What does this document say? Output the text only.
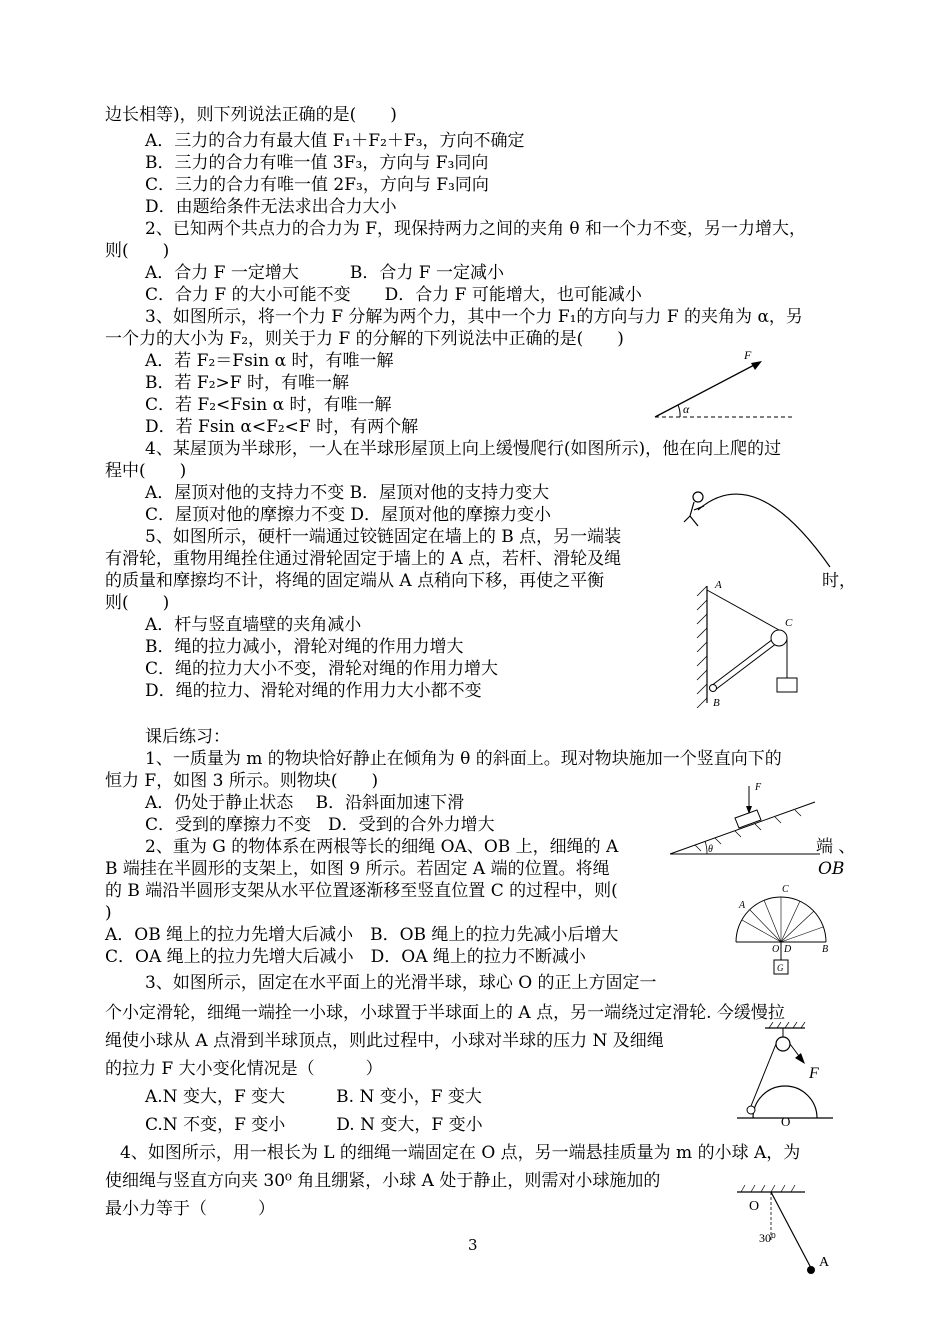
边长相等)，则下列说法正确的是(　　)
A．三力的合力有最大值 F₁＋F₂＋F₃，方向不确定
B．三力的合力有唯一值 3F₃，方向与 F₃同向
C．三力的合力有唯一值 2F₃，方向与 F₃同向
D．由题给条件无法求出合力大小
2、已知两个共点力的合力为 F，现保持两力之间的夹角 θ 和一个力不变，另一力增大，
则(　　)
A．合力 F 一定增大　　　B．合力 F 一定减小
C．合力 F 的大小可能不变　　D．合力 F 可能增大，也可能减小
3、如图所示，将一个力 F 分解为两个力，其中一个力 F₁的方向与力 F 的夹角为 α，另
一个力的大小为 F₂，则关于力 F 的分解的下列说法中正确的是(　　)
A．若 F₂＝Fsin α 时，有唯一解
B．若 F₂>F 时，有唯一解
C．若 F₂<Fsin α 时，有唯一解
D．若 Fsin α<F₂<F 时，有两个解
4、某屋顶为半球形，一人在半球形屋顶上向上缓慢爬行(如图所示)，他在向上爬的过
程中(　　)
A．屋顶对他的支持力不变 B．屋顶对他的支持力变大
C．屋顶对他的摩擦力不变 D．屋顶对他的摩擦力变小
5、如图所示，硬杆一端通过铰链固定在墙上的 B 点，另一端装
有滑轮，重物用绳拴住通过滑轮固定于墙上的 A 点，若杆、滑轮及绳
的质量和摩擦均不计，将绳的固定端从 A 点稍向下移，再使之平衡	时，
则(　　)
A．杆与竖直墙壁的夹角减小
B．绳的拉力减小，滑轮对绳的作用力增大
C．绳的拉力大小不变，滑轮对绳的作用力增大
D．绳的拉力、滑轮对绳的作用力大小都不变
课后练习：
1、一质量为 m 的物块恰好静止在倾角为 θ 的斜面上。现对物块施加一个竖直向下的
恒力 F，如图 3 所示。则物块(　　)
A．仍处于静止状态　 B．沿斜面加速下滑
C．受到的摩擦力不变　D．受到的合外力增大
2、重为 G 的物体系在两根等长的细绳 OA、OB 上，细绳的 A	端 、
B 端挂在半圆形的支架上，如图 9 所示。若固定 A 端的位置。将绳	OB
的 B 端沿半圆形支架从水平位置逐渐移至竖直位置 C 的过程中，则(
)
A．OB 绳上的拉力先增大后减小　B．OB 绳上的拉力先减小后增大
C．OA 绳上的拉力先增大后减小　D．OA 绳上的拉力不断减小
3、如图所示，固定在水平面上的光滑半球，球心 O 的正上方固定一
个小定滑轮，细绳一端拴一小球，小球置于半球面上的 A 点，另一端绕过定滑轮. 今缓慢拉
绳使小球从 A 点滑到半球顶点，则此过程中，小球对半球的压力 N 及细绳
的拉力 F 大小变化情况是（　　　）
A.N 变大，F 变大　　　B. N 变小，F 变大
C.N 不变，F 变小　　　D. N 变大，F 变小
4、如图所示，用一根长为 L 的细绳一端固定在 O 点，另一端悬挂质量为 m 的小球 A，为
使细绳与竖直方向夹 30⁰ 角且绷紧，小球 A 处于静止，则需对小球施加的
最小力等于（　　　）
F
α
A
B
C
F
θ
G
A
C
B
O D
F
O
O
30⁰
A
3
